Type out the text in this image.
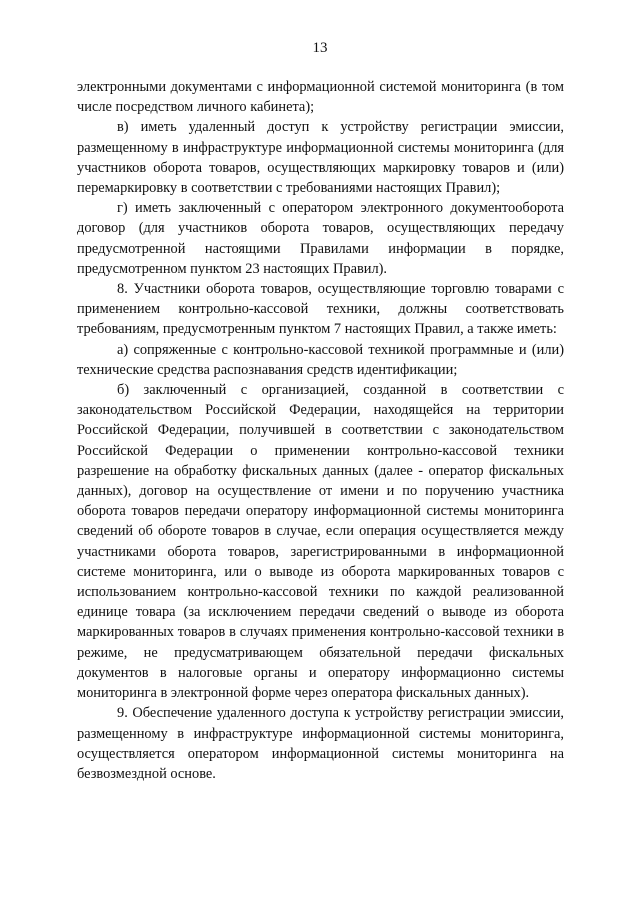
13

электронными документами с информационной системой мониторинга (в том числе посредством личного кабинета);

в) иметь удаленный доступ к устройству регистрации эмиссии, размещенному в инфраструктуре информационной системы мониторинга (для участников оборота товаров, осуществляющих маркировку товаров и (или) перемаркировку в соответствии с требованиями настоящих Правил);

г) иметь заключенный с оператором электронного документооборота договор (для участников оборота товаров, осуществляющих передачу предусмотренной настоящими Правилами информации в порядке, предусмотренном пунктом 23 настоящих Правил).

8. Участники оборота товаров, осуществляющие торговлю товарами с применением контрольно-кассовой техники, должны соответствовать требованиям, предусмотренным пунктом 7 настоящих Правил, а также иметь:

а) сопряженные с контрольно-кассовой техникой программные и (или) технические средства распознавания средств идентификации;

б) заключенный с организацией, созданной в соответствии с законодательством Российской Федерации, находящейся на территории Российской Федерации, получившей в соответствии с законодательством Российской Федерации о применении контрольно-кассовой техники разрешение на обработку фискальных данных (далее - оператор фискальных данных), договор на осуществление от имени и по поручению участника оборота товаров передачи оператору информационной системы мониторинга сведений об обороте товаров в случае, если операция осуществляется между участниками оборота товаров, зарегистрированными в информационной системе мониторинга, или о выводе из оборота маркированных товаров с использованием контрольно-кассовой техники по каждой реализованной единице товара (за исключением передачи сведений о выводе из оборота маркированных товаров в случаях применения контрольно-кассовой техники в режиме, не предусматривающем обязательной передачи фискальных документов в налоговые органы и оператору информационно системы мониторинга в электронной форме через оператора фискальных данных).

9. Обеспечение удаленного доступа к устройству регистрации эмиссии, размещенному в инфраструктуре информационной системы мониторинга, осуществляется оператором информационной системы мониторинга на безвозмездной основе.
